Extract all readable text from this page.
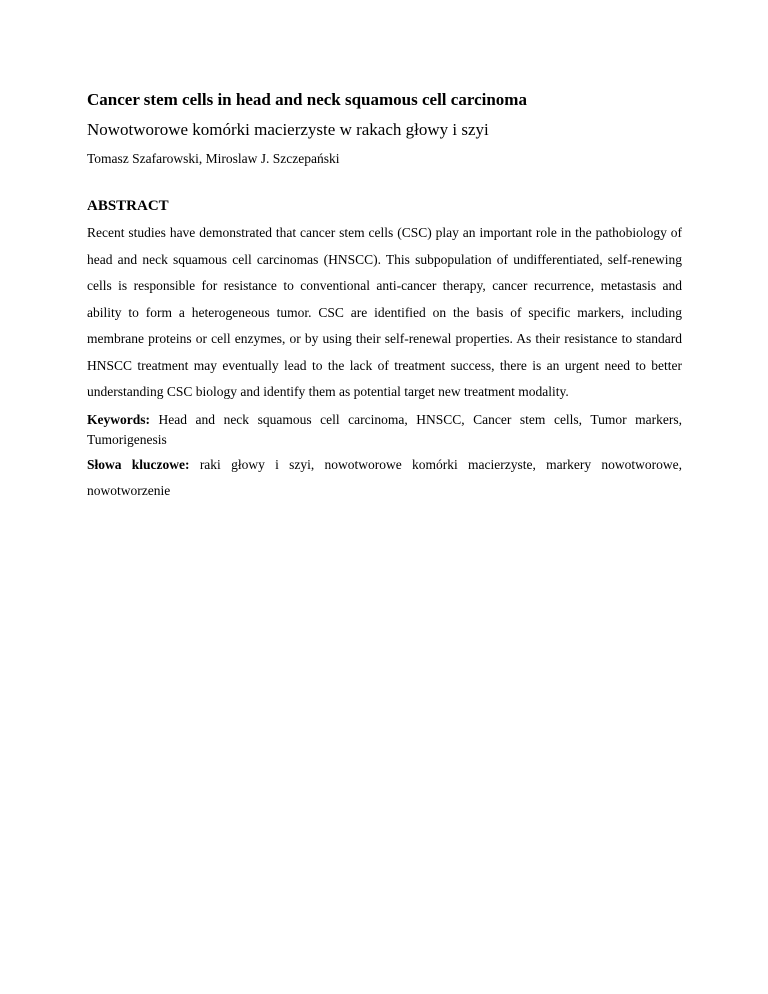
Cancer stem cells in head and neck squamous cell carcinoma

Nowotworowe komórki macierzyste w rakach głowy i szyi

Tomasz Szafarowski, Miroslaw J. Szczepański

ABSTRACT

Recent studies have demonstrated that cancer stem cells (CSC) play an important role in the pathobiology of head and neck squamous cell carcinomas (HNSCC). This subpopulation of undifferentiated, self-renewing cells is responsible for resistance to conventional anti-cancer therapy, cancer recurrence, metastasis and ability to form a heterogeneous tumor. CSC are identified on the basis of specific markers, including membrane proteins or cell enzymes, or by using their self-renewal properties. As their resistance to standard HNSCC treatment may eventually lead to the lack of treatment success, there is an urgent need to better understanding CSC biology and identify them as potential target new treatment modality.

Keywords: Head and neck squamous cell carcinoma, HNSCC, Cancer stem cells, Tumor markers, Tumorigenesis

Słowa kluczowe: raki głowy i szyi, nowotworowe komórki macierzyste, markery nowotworowe, nowotworzenie
